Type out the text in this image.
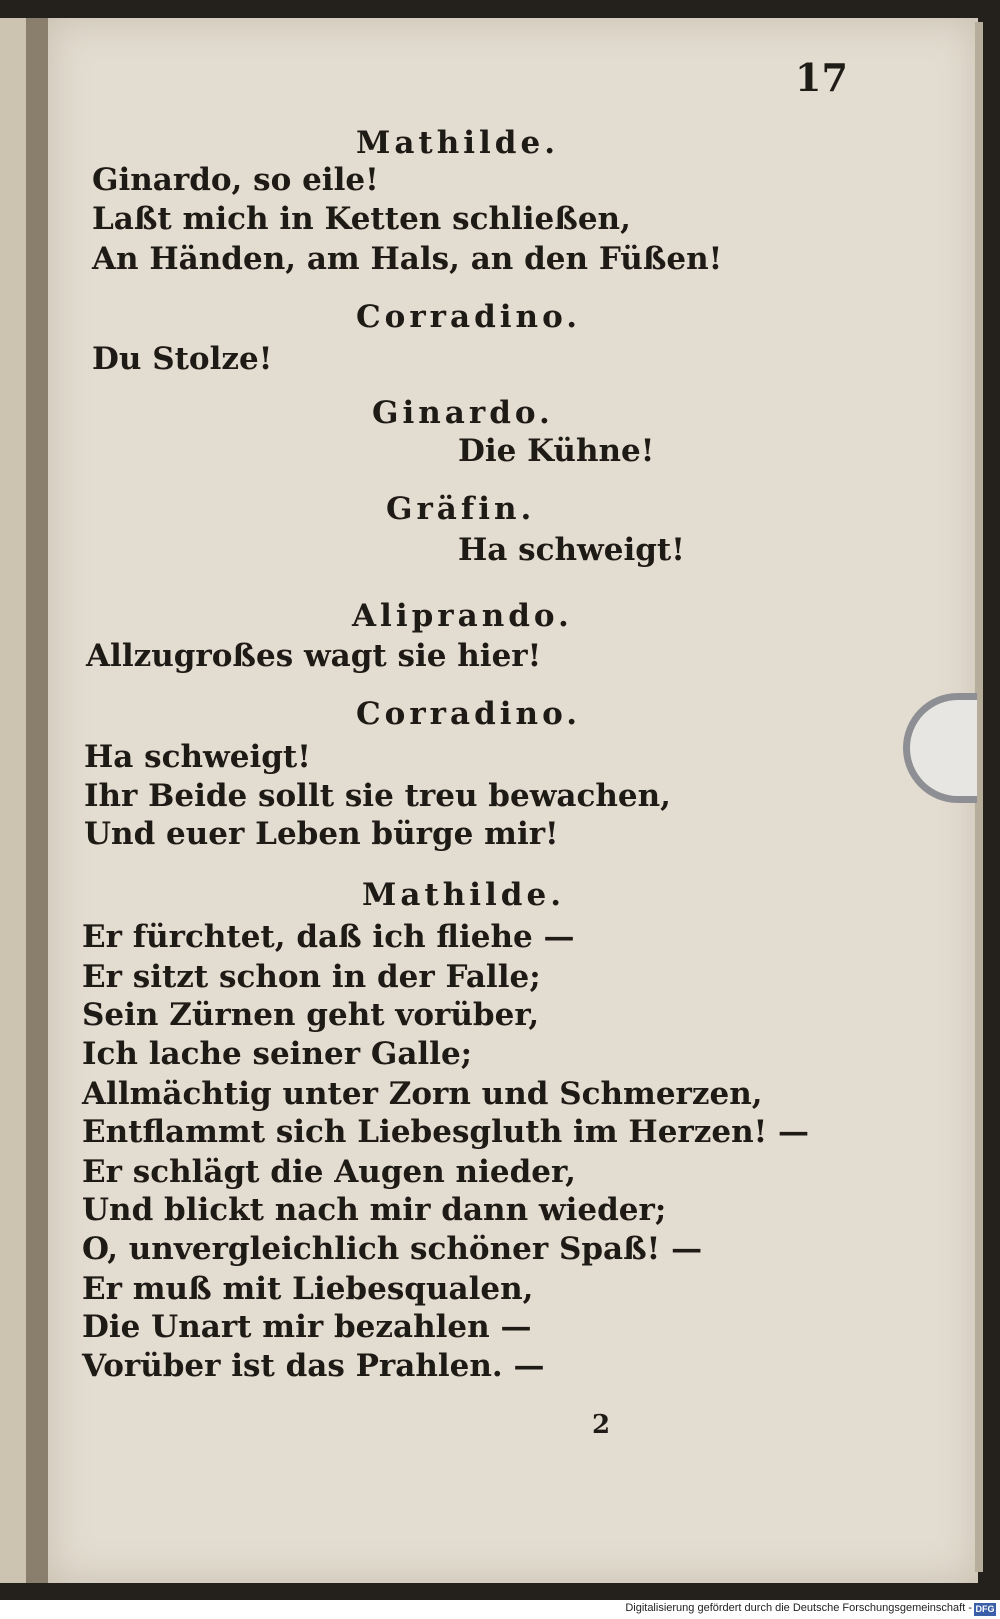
17
Mathilde.
Ginardo, so eile!
Laßt mich in Ketten schließen,
An Händen, am Hals, an den Füßen!
Corradino.
Du Stolze!
Ginardo.
Die Kühne!
Gräfin.
Ha schweigt!
Aliprando.
Allzugroßes wagt sie hier!
Corradino.
Ha schweigt!
Ihr Beide sollt sie treu bewachen,
Und euer Leben bürge mir!
Mathilde.
Er fürchtet, daß ich fliehe —
Er sitzt schon in der Falle;
Sein Zürnen geht vorüber,
Ich lache seiner Galle;
Allmächtig unter Zorn und Schmerzen,
Entflammt sich Liebesgluth im Herzen! —
Er schlägt die Augen nieder,
Und blickt nach mir dann wieder;
O, unvergleichlich schöner Spaß! —
Er muß mit Liebesqualen,
Die Unart mir bezahlen —
Vorüber ist das Prahlen. —
2
Digitalisierung gefördert durch die Deutsche Forschungsgemeinschaft - DFG
